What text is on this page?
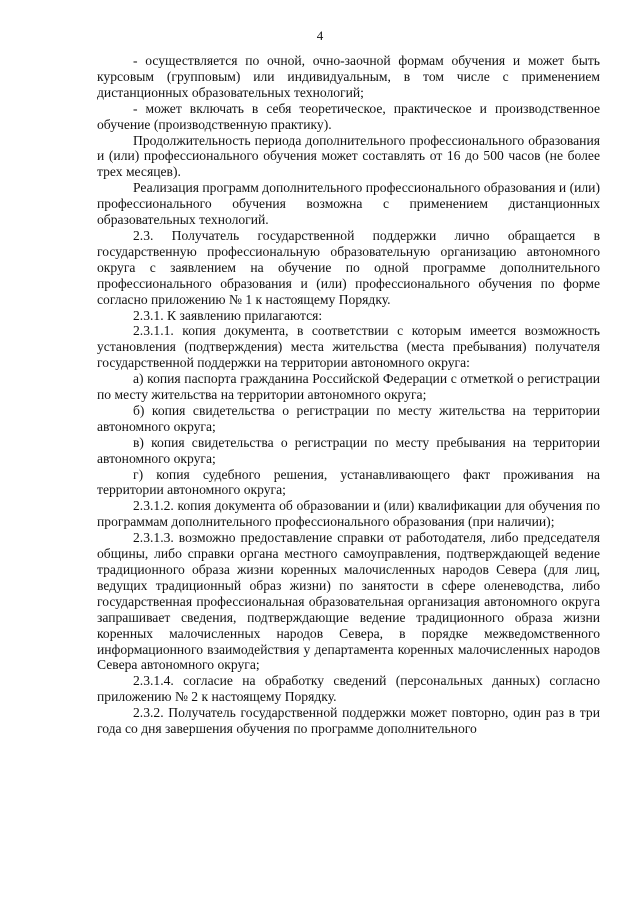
4

- осуществляется по очной, очно-заочной формам обучения и может быть курсовым (групповым) или индивидуальным, в том числе с применением дистанционных образовательных технологий;

- может включать в себя теоретическое, практическое и производственное обучение (производственную практику).

Продолжительность периода дополнительного профессионального образования и (или) профессионального обучения может составлять от 16 до 500 часов (не более трех месяцев).

Реализация программ дополнительного профессионального образования и (или) профессионального обучения возможна с применением дистанционных образовательных технологий.

2.3. Получатель государственной поддержки лично обращается в государственную профессиональную образовательную организацию автономного округа с заявлением на обучение по одной программе дополнительного профессионального образования и (или) профессионального обучения по форме согласно приложению № 1 к настоящему Порядку.

2.3.1. К заявлению прилагаются:

2.3.1.1. копия документа, в соответствии с которым имеется возможность установления (подтверждения) места жительства (места пребывания) получателя государственной поддержки на территории автономного округа:

а) копия паспорта гражданина Российской Федерации с отметкой о регистрации по месту жительства на территории автономного округа;

б) копия свидетельства о регистрации по месту жительства на территории автономного округа;

в) копия свидетельства о регистрации по месту пребывания на территории автономного округа;

г) копия судебного решения, устанавливающего факт проживания на территории автономного округа;

2.3.1.2. копия документа об образовании и (или) квалификации для обучения по программам дополнительного профессионального образования (при наличии);

2.3.1.3. возможно предоставление справки от работодателя, либо председателя общины, либо справки органа местного самоуправления, подтверждающей ведение традиционного образа жизни коренных малочисленных народов Севера (для лиц, ведущих традиционный образ жизни) по занятости в сфере оленеводства, либо государственная профессиональная образовательная организация автономного округа запрашивает сведения, подтверждающие ведение традиционного образа жизни коренных малочисленных народов Севера, в порядке межведомственного информационного взаимодействия у департамента коренных малочисленных народов Севера автономного округа;

2.3.1.4. согласие на обработку сведений (персональных данных) согласно приложению № 2 к настоящему Порядку.

2.3.2. Получатель государственной поддержки может повторно, один раз в три года со дня завершения обучения по программе дополнительного
